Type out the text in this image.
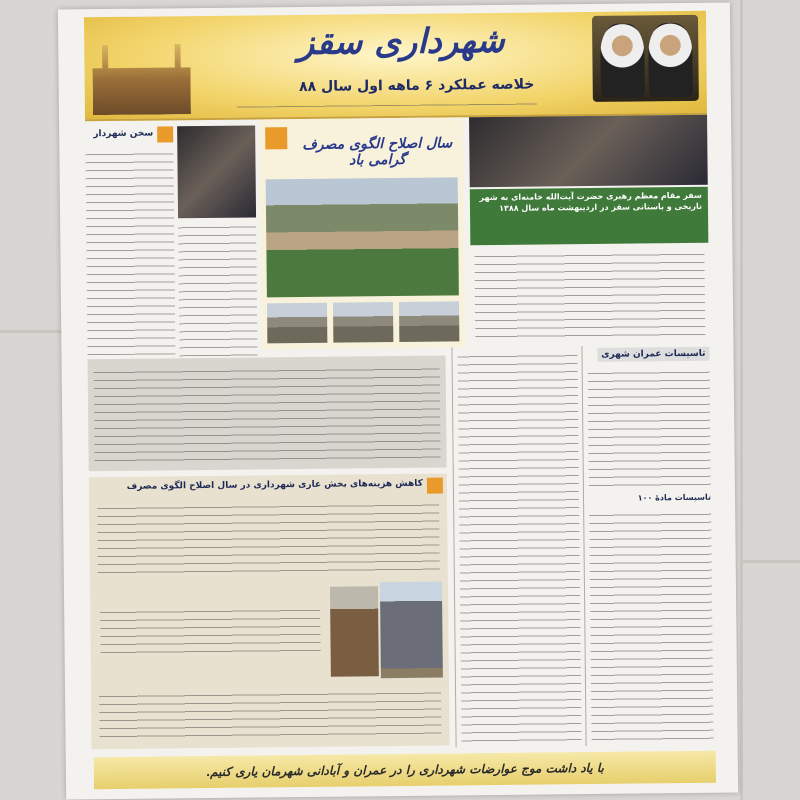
شهرداری سقز
خلاصه عملکرد ۶ ماهه اول سال ۸۸
سخن شهردار
سال اصلاح الگوی مصرف گرامی باد
سفر مقام معظم رهبری حضرت آیت‌الله خامنه‌ای به شهر تاریخی و باستانی سقز در اردیبهشت ماه سال ۱۳۸۸
کاهش هزینه‌های بخش عاری شهرداری در سال اصلاح الگوی مصرف
تاسیسات عمران شهری
تاسیسات مادۀ ۱۰۰
با یاد داشت موج عوارضات شهرداری را در عمران و آبادانی شهرمان یاری کنیم.
